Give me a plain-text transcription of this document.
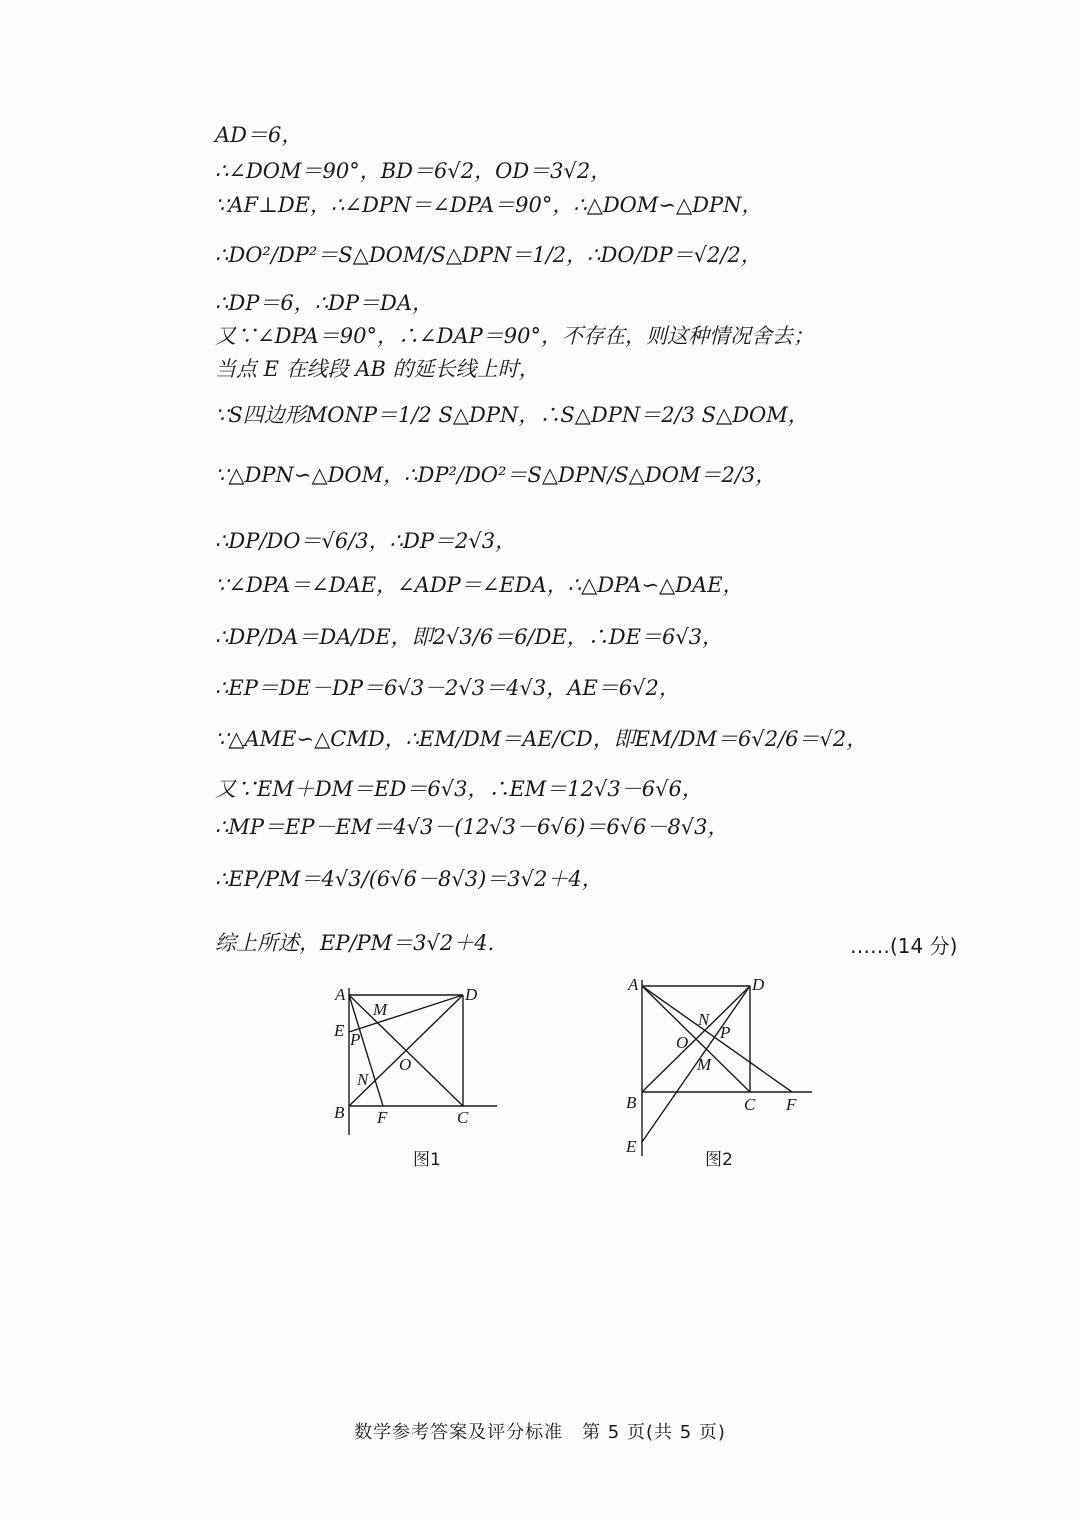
AD＝6，
∴∠DOM＝90°，BD＝6√2，OD＝3√2，
∵AF⊥DE，∴∠DPN＝∠DPA＝90°，∴△DOM∽△DPN，
∴DO²/DP²＝S△DOM/S△DPN＝1/2，∴DO/DP＝√2/2，
∴DP＝6，∴DP＝DA，
又∵∠DPA＝90°，∴∠DAP＝90°，不存在，则这种情况舍去；
当点 E 在线段 AB 的延长线上时，
∵S四边形MONP＝1/2 S△DPN，∴S△DPN＝2/3 S△DOM，
∵△DPN∽△DOM，∴DP²/DO²＝S△DPN/S△DOM＝2/3，
∴DP/DO＝√6/3，∴DP＝2√3，
∵∠DPA＝∠DAE，∠ADP＝∠EDA，∴△DPA∽△DAE，
∴DP/DA＝DA/DE，即2√3/6＝6/DE，∴DE＝6√3，
∴EP＝DE－DP＝6√3－2√3＝4√3，AE＝6√2，
∵△AME∽△CMD，∴EM/DM＝AE/CD，即EM/DM＝6√2/6＝√2，
又∵EM＋DM＝ED＝6√3，∴EM＝12√3－6√6，
∴MP＝EP－EM＝4√3－(12√3－6√6)＝6√6－8√3，
∴EP/PM＝4√3/(6√6－8√3)＝3√2＋4，
综上所述，EP/PM＝3√2＋4.	……(14 分)
A	D
M
E P
O
N
B F	C
图1
A	D
N
O
P
M
B	C F
E
图2
数学参考答案及评分标准　第 5 页(共 5 页)
